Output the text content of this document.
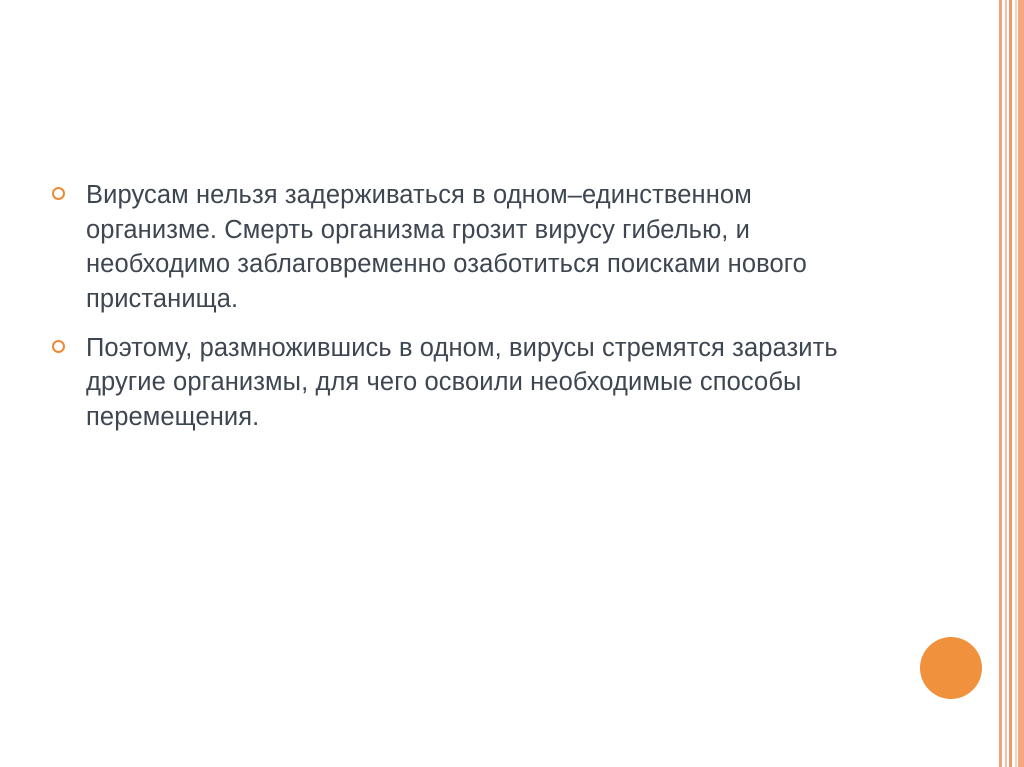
Вирусам нельзя задерживаться в одном–единственном организме. Смерть организма грозит вирусу гибелью, и необходимо заблаговременно озаботиться поисками нового пристанища.
Поэтому, размножившись в одном, вирусы стремятся заразить другие организмы, для чего освоили необходимые способы перемещения.
